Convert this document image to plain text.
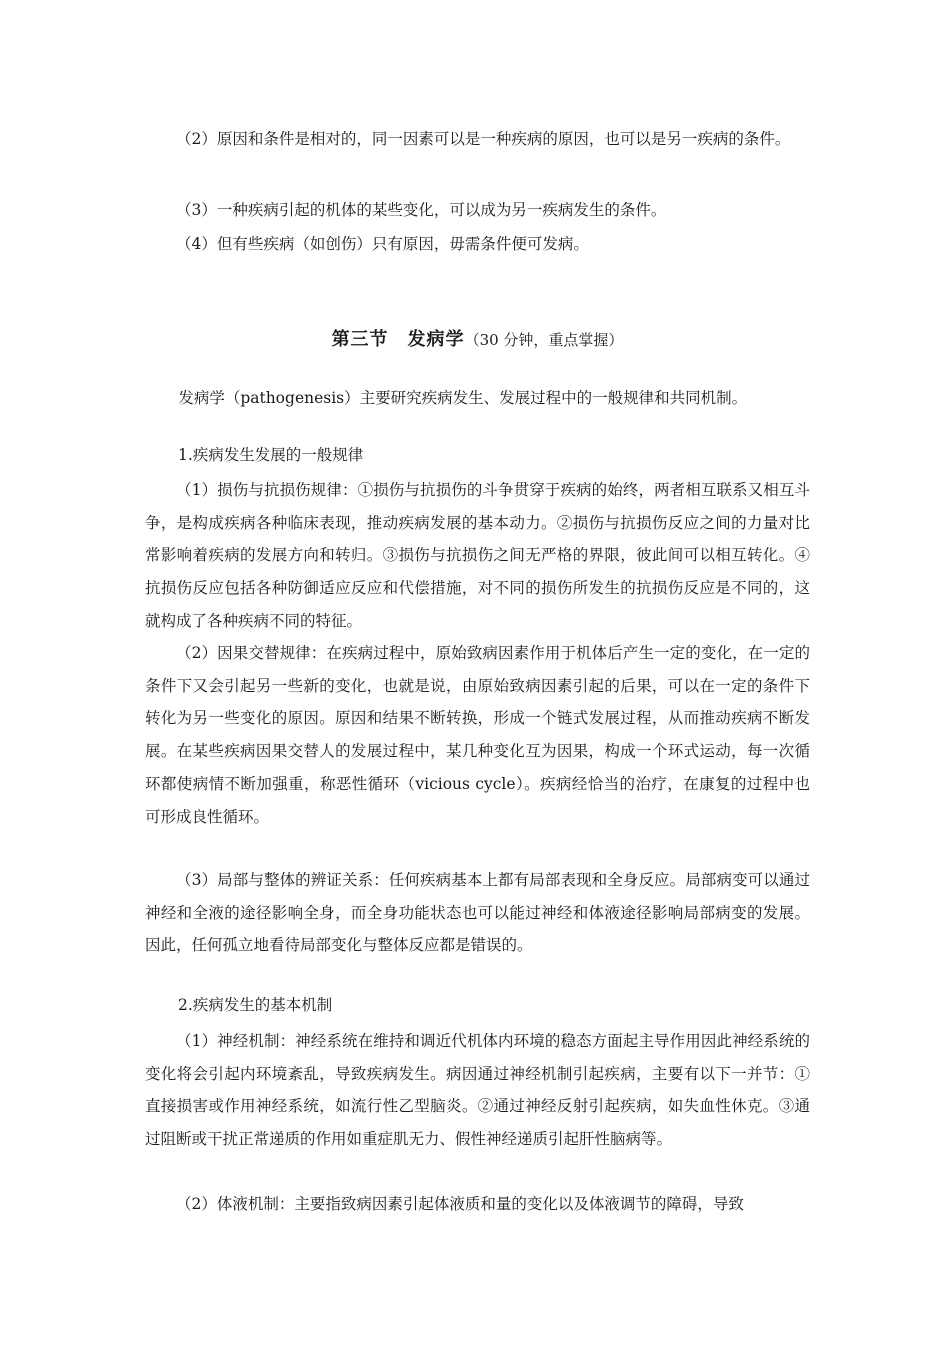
（2）原因和条件是相对的，同一因素可以是一种疾病的原因，也可以是另一疾病的条件。

（3）一种疾病引起的机体的某些变化，可以成为另一疾病发生的条件。

（4）但有些疾病（如创伤）只有原因，毋需条件便可发病。

第三节　发病学（30 分钟，重点掌握）

发病学（pathogenesis）主要研究疾病发生、发展过程中的一般规律和共同机制。

1.疾病发生发展的一般规律

（1）损伤与抗损伤规律：①损伤与抗损伤的斗争贯穿于疾病的始终，两者相互联系又相互斗争，是构成疾病各种临床表现，推动疾病发展的基本动力。②损伤与抗损伤反应之间的力量对比常影响着疾病的发展方向和转归。③损伤与抗损伤之间无严格的界限，彼此间可以相互转化。④抗损伤反应包括各种防御适应反应和代偿措施，对不同的损伤所发生的抗损伤反应是不同的，这就构成了各种疾病不同的特征。

（2）因果交替规律：在疾病过程中，原始致病因素作用于机体后产生一定的变化，在一定的条件下又会引起另一些新的变化，也就是说，由原始致病因素引起的后果，可以在一定的条件下转化为另一些变化的原因。原因和结果不断转换，形成一个链式发展过程，从而推动疾病不断发展。在某些疾病因果交替人的发展过程中，某几种变化互为因果，构成一个环式运动，每一次循环都使病情不断加强重，称恶性循环（vicious cycle）。疾病经恰当的治疗，在康复的过程中也可形成良性循环。

（3）局部与整体的辨证关系：任何疾病基本上都有局部表现和全身反应。局部病变可以通过神经和全液的途径影响全身，而全身功能状态也可以能过神经和体液途径影响局部病变的发展。因此，任何孤立地看待局部变化与整体反应都是错误的。

2.疾病发生的基本机制

（1）神经机制：神经系统在维持和调近代机体内环境的稳态方面起主导作用因此神经系统的变化将会引起内环境紊乱，导致疾病发生。病因通过神经机制引起疾病，主要有以下一并节：①直接损害或作用神经系统，如流行性乙型脑炎。②通过神经反射引起疾病，如失血性休克。③通过阻断或干扰正常递质的作用如重症肌无力、假性神经递质引起肝性脑病等。

（2）体液机制：主要指致病因素引起体液质和量的变化以及体液调节的障碍，导致
